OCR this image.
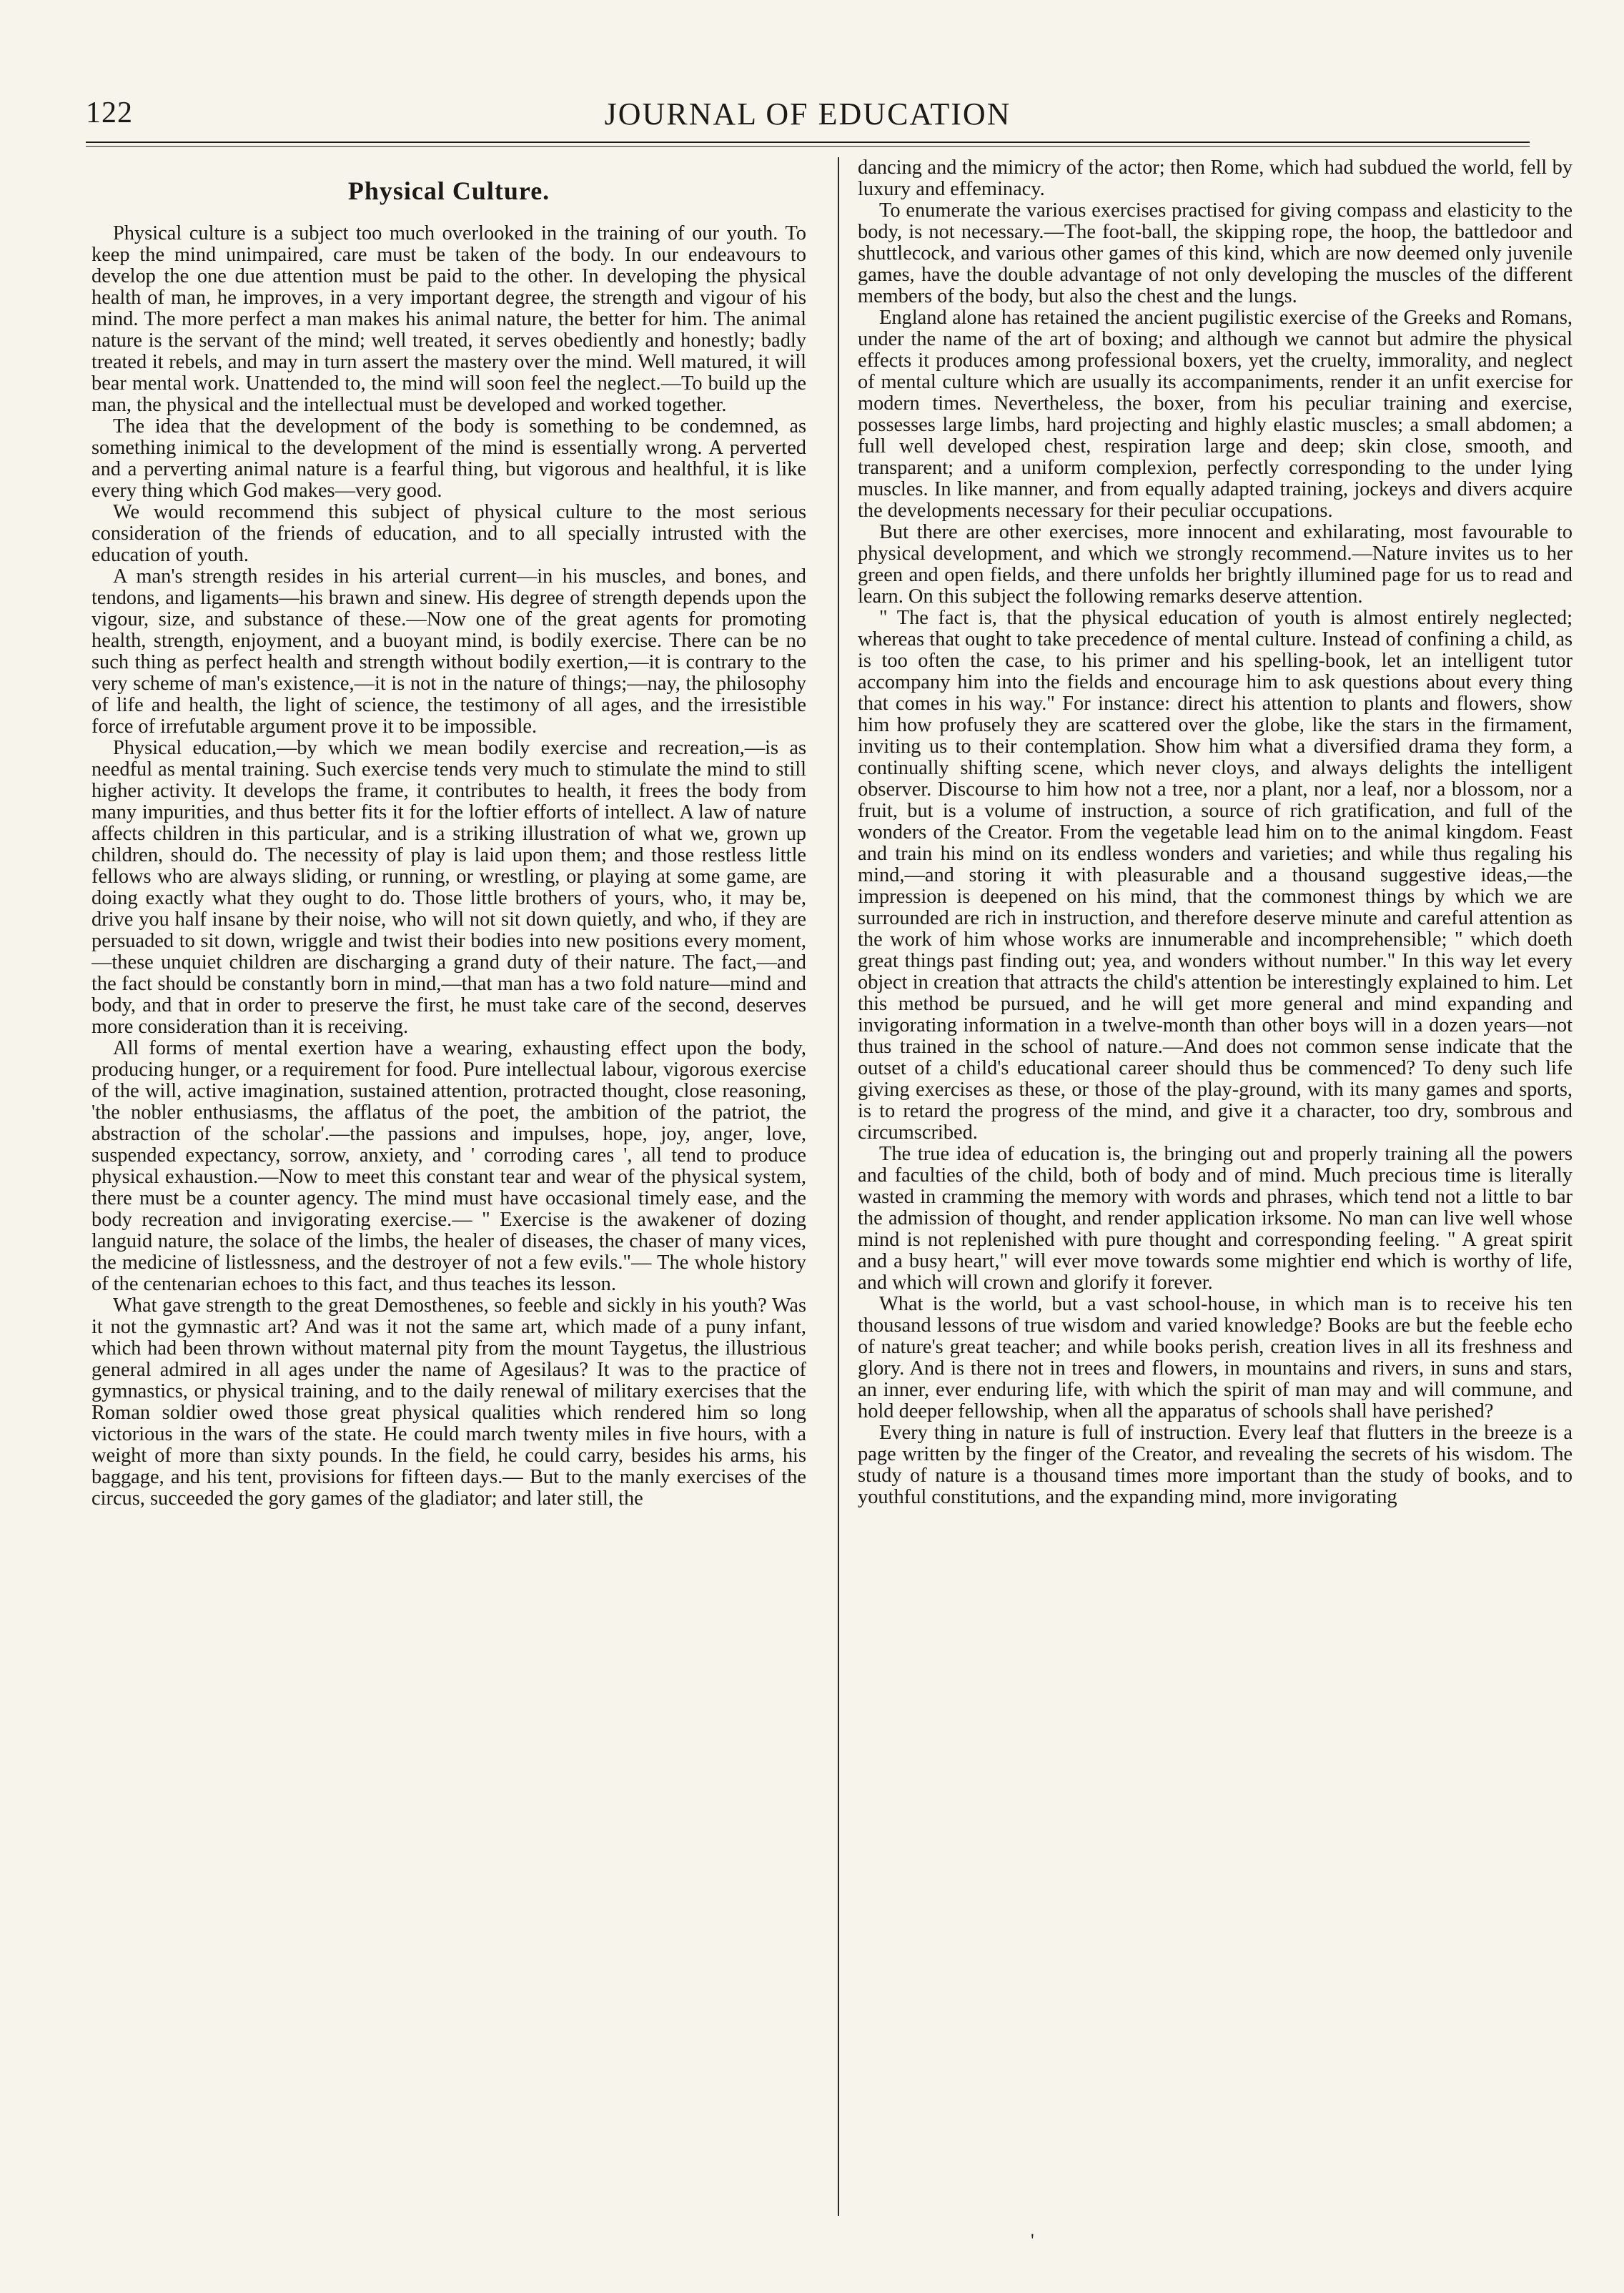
122	JOURNAL OF EDUCATION
Physical Culture.

Physical culture is a subject too much overlooked in the training of our youth. To keep the mind unimpaired, care must be taken of the body. In our endeavours to develop the one due attention must be paid to the other. In developing the physical health of man, he improves, in a very important degree, the strength and vigour of his mind. The more perfect a man makes his animal nature, the better for him. The animal nature is the servant of the mind; well treated, it serves obediently and honestly; badly treated it rebels, and may in turn assert the mastery over the mind. Well matured, it will bear mental work. Unattended to, the mind will soon feel the neglect.—To build up the man, the physical and the intellectual must be developed and worked together.

The idea that the development of the body is something to be condemned, as something inimical to the development of the mind is essentially wrong. A perverted and a perverting animal nature is a fearful thing, but vigorous and healthful, it is like every thing which God makes—very good.

We would recommend this subject of physical culture to the most serious consideration of the friends of education, and to all specially intrusted with the education of youth.

A man's strength resides in his arterial current—in his muscles, and bones, and tendons, and ligaments—his brawn and sinew. His degree of strength depends upon the vigour, size, and substance of these.—Now one of the great agents for promoting health, strength, enjoyment, and a buoyant mind, is bodily exercise. There can be no such thing as perfect health and strength without bodily exertion,—it is contrary to the very scheme of man's existence,—it is not in the nature of things;—nay, the philosophy of life and health, the light of science, the testimony of all ages, and the irresistible force of irrefutable argument prove it to be impossible.

Physical education,—by which we mean bodily exercise and recreation,—is as needful as mental training. Such exercise tends very much to stimulate the mind to still higher activity. It develops the frame, it contributes to health, it frees the body from many impurities, and thus better fits it for the loftier efforts of intellect. A law of nature affects children in this particular, and is a striking illustration of what we, grown up children, should do. The necessity of play is laid upon them; and those restless little fellows who are always sliding, or running, or wrestling, or playing at some game, are doing exactly what they ought to do. Those little brothers of yours, who, it may be, drive you half insane by their noise, who will not sit down quietly, and who, if they are persuaded to sit down, wriggle and twist their bodies into new positions every moment,—these unquiet children are discharging a grand duty of their nature. The fact,—and the fact should be constantly born in mind,—that man has a two fold nature—mind and body, and that in order to preserve the first, he must take care of the second, deserves more consideration than it is receiving.

All forms of mental exertion have a wearing, exhausting effect upon the body, producing hunger, or a requirement for food. Pure intellectual labour, vigorous exercise of the will, active imagination, sustained attention, protracted thought, close reasoning, 'the nobler enthusiasms, the afflatus of the poet, the ambition of the patriot, the abstraction of the scholar'.—the passions and impulses, hope, joy, anger, love, suspended expectancy, sorrow, anxiety, and ' corroding cares ', all tend to produce physical exhaustion.—Now to meet this constant tear and wear of the physical system, there must be a counter agency. The mind must have occasional timely ease, and the body recreation and invigorating exercise.— " Exercise is the awakener of dozing languid nature, the solace of the limbs, the healer of diseases, the chaser of many vices, the medicine of listlessness, and the destroyer of not a few evils."— The whole history of the centenarian echoes to this fact, and thus teaches its lesson.

What gave strength to the great Demosthenes, so feeble and sickly in his youth? Was it not the gymnastic art? And was it not the same art, which made of a puny infant, which had been thrown without maternal pity from the mount Taygetus, the illustrious general admired in all ages under the name of Agesilaus? It was to the practice of gymnastics, or physical training, and to the daily renewal of military exercises that the Roman soldier owed those great physical qualities which rendered him so long victorious in the wars of the state. He could march twenty miles in five hours, with a weight of more than sixty pounds. In the field, he could carry, besides his arms, his baggage, and his tent, provisions for fifteen days.— But to the manly exercises of the circus, succeeded the gory games of the gladiator; and later still, the

dancing and the mimicry of the actor; then Rome, which had subdued the world, fell by luxury and effeminacy.

To enumerate the various exercises practised for giving compass and elasticity to the body, is not necessary.—The foot-ball, the skipping rope, the hoop, the battledoor and shuttlecock, and various other games of this kind, which are now deemed only juvenile games, have the double advantage of not only developing the muscles of the different members of the body, but also the chest and the lungs.

England alone has retained the ancient pugilistic exercise of the Greeks and Romans, under the name of the art of boxing; and although we cannot but admire the physical effects it produces among professional boxers, yet the cruelty, immorality, and neglect of mental culture which are usually its accompaniments, render it an unfit exercise for modern times. Nevertheless, the boxer, from his peculiar training and exercise, possesses large limbs, hard projecting and highly elastic muscles; a small abdomen; a full well developed chest, respiration large and deep; skin close, smooth, and transparent; and a uniform complexion, perfectly corresponding to the under lying muscles. In like manner, and from equally adapted training, jockeys and divers acquire the developments necessary for their peculiar occupations.

But there are other exercises, more innocent and exhilarating, most favourable to physical development, and which we strongly recommend.—Nature invites us to her green and open fields, and there unfolds her brightly illumined page for us to read and learn. On this subject the following remarks deserve attention.

" The fact is, that the physical education of youth is almost entirely neglected; whereas that ought to take precedence of mental culture. Instead of confining a child, as is too often the case, to his primer and his spelling-book, let an intelligent tutor accompany him into the fields and encourage him to ask questions about every thing that comes in his way." For instance: direct his attention to plants and flowers, show him how profusely they are scattered over the globe, like the stars in the firmament, inviting us to their contemplation. Show him what a diversified drama they form, a continually shifting scene, which never cloys, and always delights the intelligent observer. Discourse to him how not a tree, nor a plant, nor a leaf, nor a blossom, nor a fruit, but is a volume of instruction, a source of rich gratification, and full of the wonders of the Creator. From the vegetable lead him on to the animal kingdom. Feast and train his mind on its endless wonders and varieties; and while thus regaling his mind,—and storing it with pleasurable and a thousand suggestive ideas,—the impression is deepened on his mind, that the commonest things by which we are surrounded are rich in instruction, and therefore deserve minute and careful attention as the work of him whose works are innumerable and incomprehensible; " which doeth great things past finding out; yea, and wonders without number." In this way let every object in creation that attracts the child's attention be interestingly explained to him. Let this method be pursued, and he will get more general and mind expanding and invigorating information in a twelve-month than other boys will in a dozen years—not thus trained in the school of nature.—And does not common sense indicate that the outset of a child's educational career should thus be commenced? To deny such life giving exercises as these, or those of the play-ground, with its many games and sports, is to retard the progress of the mind, and give it a character, too dry, sombrous and circumscribed.

The true idea of education is, the bringing out and properly training all the powers and faculties of the child, both of body and of mind. Much precious time is literally wasted in cramming the memory with words and phrases, which tend not a little to bar the admission of thought, and render application irksome. No man can live well whose mind is not replenished with pure thought and corresponding feeling. " A great spirit and a busy heart," will ever move towards some mightier end which is worthy of life, and which will crown and glorify it forever.

What is the world, but a vast school-house, in which man is to receive his ten thousand lessons of true wisdom and varied knowledge? Books are but the feeble echo of nature's great teacher; and while books perish, creation lives in all its freshness and glory. And is there not in trees and flowers, in mountains and rivers, in suns and stars, an inner, ever enduring life, with which the spirit of man may and will commune, and hold deeper fellowship, when all the apparatus of schools shall have perished?

Every thing in nature is full of instruction. Every leaf that flutters in the breeze is a page written by the finger of the Creator, and revealing the secrets of his wisdom. The study of nature is a thousand times more important than the study of books, and to youthful constitutions, and the expanding mind, more invigorating

'
